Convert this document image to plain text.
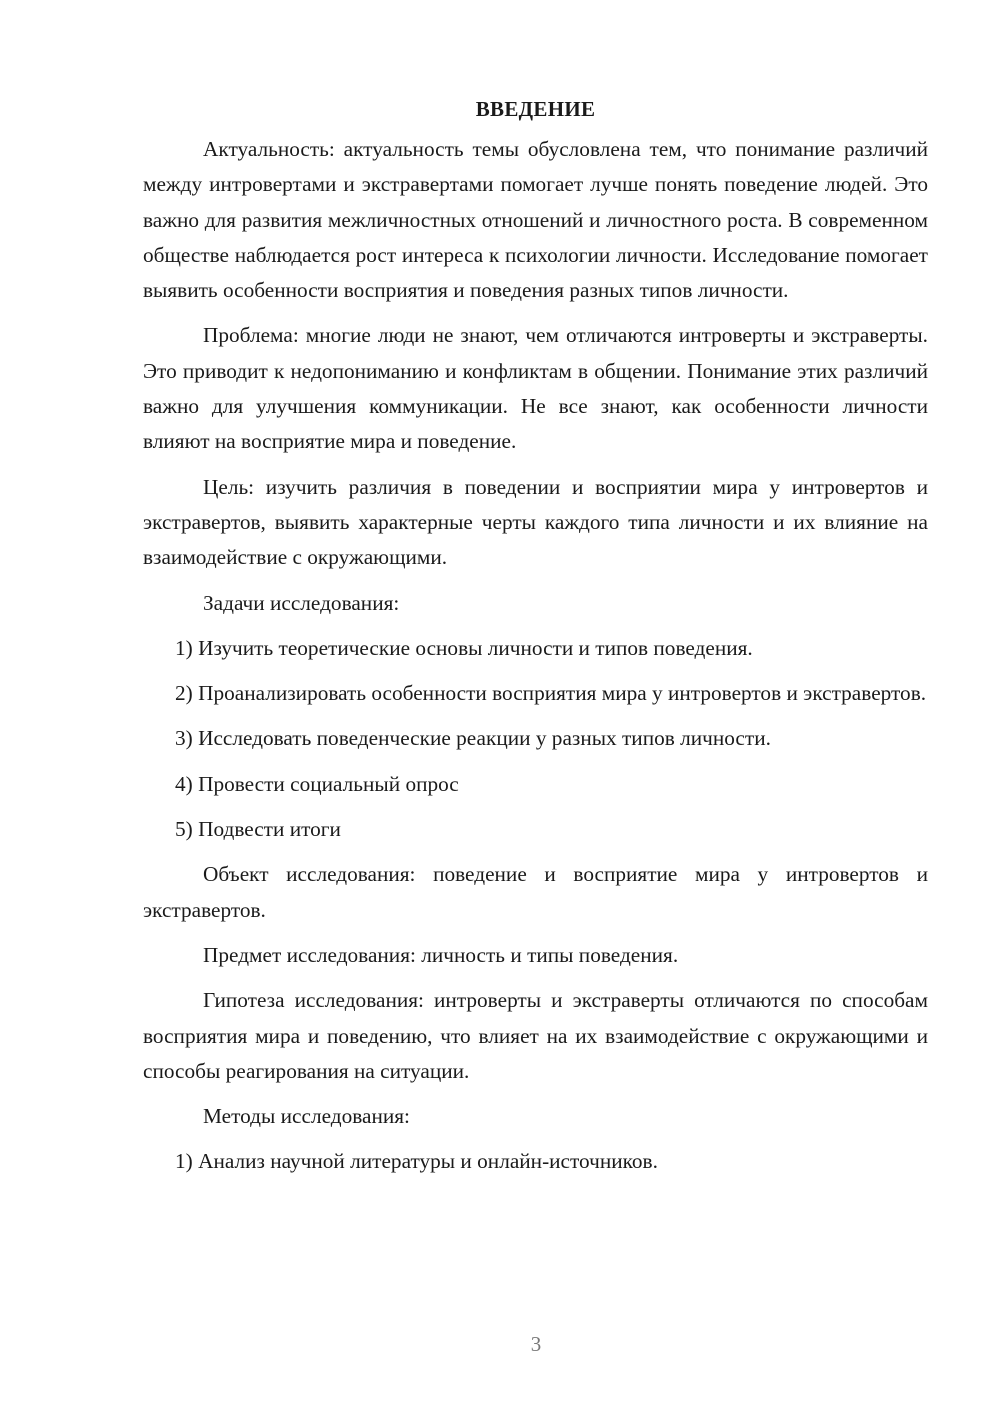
ВВЕДЕНИЕ

Актуальность: актуальность темы обусловлена тем, что понимание различий между интровертами и экстравертами помогает лучше понять поведение людей. Это важно для развития межличностных отношений и личностного роста. В современном обществе наблюдается рост интереса к психологии личности. Исследование помогает выявить особенности восприятия и поведения разных типов личности.

Проблема: многие люди не знают, чем отличаются интроверты и экстраверты. Это приводит к недопониманию и конфликтам в общении. Понимание этих различий важно для улучшения коммуникации. Не все знают, как особенности личности влияют на восприятие мира и поведение.

Цель: изучить различия в поведении и восприятии мира у интровертов и экстравертов, выявить характерные черты каждого типа личности и их влияние на взаимодействие с окружающими.

Задачи исследования:

1) Изучить теоретические основы личности и типов поведения.

2) Проанализировать особенности восприятия мира у интровертов и экстравертов.

3) Исследовать поведенческие реакции у разных типов личности.

4) Провести социальный опрос

5) Подвести итоги

Объект исследования: поведение и восприятие мира у интровертов и экстравертов.

Предмет исследования: личность и типы поведения.

Гипотеза исследования: интроверты и экстраверты отличаются по способам восприятия мира и поведению, что влияет на их взаимодействие с окружающими и способы реагирования на ситуации.

Методы исследования:

1) Анализ научной литературы и онлайн-источников.

3
